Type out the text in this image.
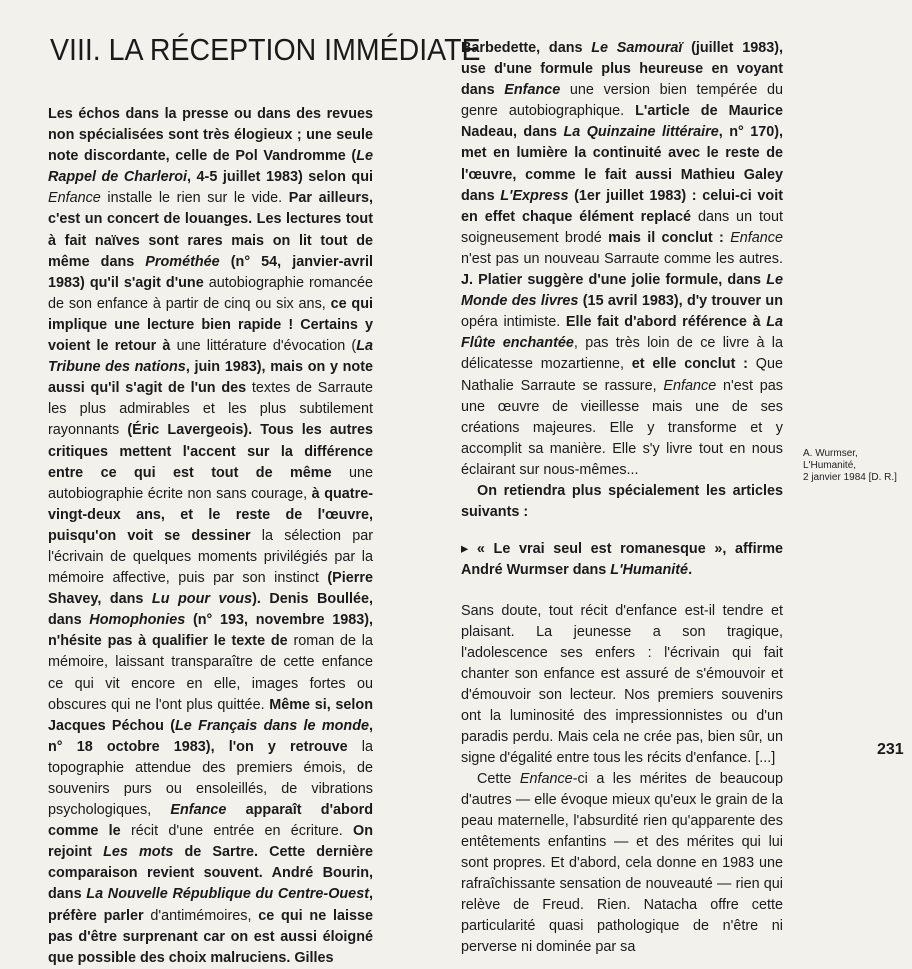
VIII. LA RÉCEPTION IMMÉDIATE

Les échos dans la presse ou dans des revues non spécialisées sont très élogieux ; une seule note discordante, celle de Pol Vandromme (Le Rappel de Charleroi, 4-5 juillet 1983) selon qui Enfance installe le rien sur le vide. Par ailleurs, c'est un concert de louanges. Les lectures tout à fait naïves sont rares mais on lit tout de même dans Prométhée (n° 54, janvier-avril 1983) qu'il s'agit d'une autobiographie romancée de son enfance à partir de cinq ou six ans, ce qui implique une lecture bien rapide ! Certains y voient le retour à une littérature d'évocation (La Tribune des nations, juin 1983), mais on y note aussi qu'il s'agit de l'un des textes de Sarraute les plus admirables et les plus subtilement rayonnants (Éric Lavergeois). Tous les autres critiques mettent l'accent sur la différence entre ce qui est tout de même une autobiographie écrite non sans courage, à quatre-vingt-deux ans, et le reste de l'œuvre, puisqu'on voit se dessiner la sélection par l'écrivain de quelques moments privilégiés par la mémoire affective, puis par son instinct (Pierre Shavey, dans Lu pour vous). Denis Boullée, dans Homophonies (n° 193, novembre 1983), n'hésite pas à qualifier le texte de roman de la mémoire, laissant transparaître de cette enfance ce qui vit encore en elle, images fortes ou obscures qui ne l'ont plus quittée. Même si, selon Jacques Péchou (Le Français dans le monde, n° 18 octobre 1983), l'on y retrouve la topographie attendue des premiers émois, de souvenirs purs ou ensoleillés, de vibrations psychologiques, Enfance apparaît d'abord comme le récit d'une entrée en écriture. On rejoint Les mots de Sartre. Cette dernière comparaison revient souvent. André Bourin, dans La Nouvelle République du Centre-Ouest, préfère parler d'antimémoires, ce qui ne laisse pas d'être surprenant car on est aussi éloigné que possible des choix malruciens. Gilles

Barbedette, dans Le Samouraï (juillet 1983), use d'une formule plus heureuse en voyant dans Enfance une version bien tempérée du genre autobiographique. L'article de Maurice Nadeau, dans La Quinzaine littéraire, n° 170), met en lumière la continuité avec le reste de l'œuvre, comme le fait aussi Mathieu Galey dans L'Express (1er juillet 1983) : celui-ci voit en effet chaque élément replacé dans un tout soigneusement brodé mais il conclut : Enfance n'est pas un nouveau Sarraute comme les autres. J. Platier suggère d'une jolie formule, dans Le Monde des livres (15 avril 1983), d'y trouver un opéra intimiste. Elle fait d'abord référence à La Flûte enchantée, pas très loin de ce livre à la délicatesse mozartienne, et elle conclut : Que Nathalie Sarraute se rassure, Enfance n'est pas une œuvre de vieillesse mais une de ses créations majeures. Elle y transforme et y accomplit sa manière. Elle s'y livre tout en nous éclairant sur nous-mêmes...

On retiendra plus spécialement les articles suivants :

▸ « Le vrai seul est romanesque », affirme André Wurmser dans L'Humanité.

Sans doute, tout récit d'enfance est-il tendre et plaisant. La jeunesse a son tragique, l'adolescence ses enfers : l'écrivain qui fait chanter son enfance est assuré de s'émouvoir et d'émouvoir son lecteur. Nos premiers souvenirs ont la luminosité des impressionnistes ou d'un paradis perdu. Mais cela ne crée pas, bien sûr, un signe d'égalité entre tous les récits d'enfance. [...]

Cette Enfance-ci a les mérites de beaucoup d'autres — elle évoque mieux qu'eux le grain de la peau maternelle, l'absurdité rien qu'apparente des entêtements enfantins — et des mérites qui lui sont propres. Et d'abord, cela donne en 1983 une rafraîchissante sensation de nouveauté — rien qui relève de Freud. Rien. Natacha offre cette particularité quasi pathologique de n'être ni perverse ni dominée par sa

A. Wurmser, L'Humanité,
2 janvier 1984 [D. R.]
231
